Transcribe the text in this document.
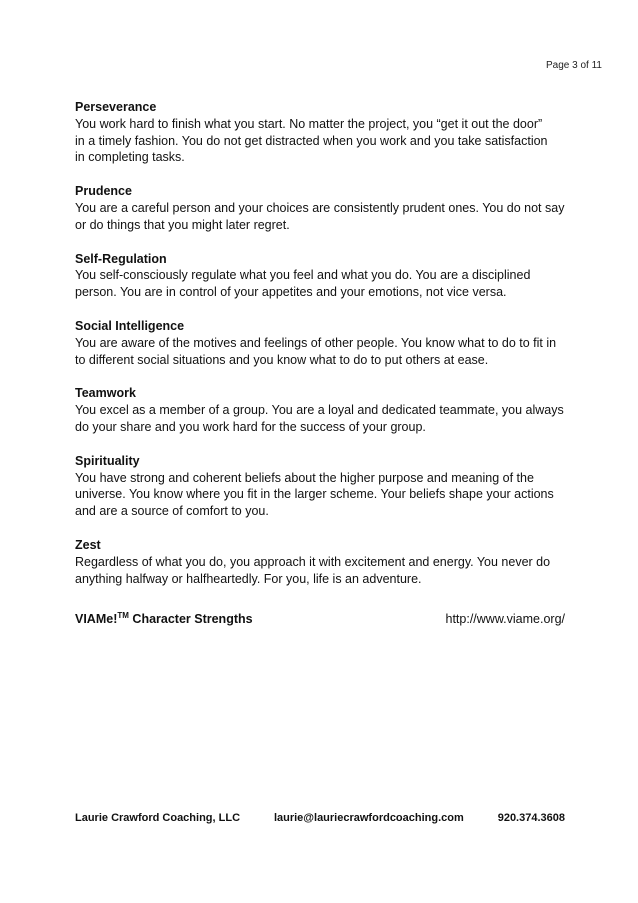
Page 3 of 11

Perseverance

You work hard to finish what you start. No matter the project, you “get it out the door”

in a timely fashion. You do not get distracted when you work and you take satisfaction

in completing tasks.

Prudence

You are a careful person and your choices are consistently prudent ones. You do not say

or do things that you might later regret.

Self-Regulation

You self-consciously regulate what you feel and what you do. You are a disciplined

person. You are in control of your appetites and your emotions, not vice versa.

Social Intelligence

You are aware of the motives and feelings of other people. You know what to do to fit in

to different social situations and you know what to do to put others at ease.

Teamwork

You excel as a member of a group. You are a loyal and dedicated teammate, you always

do your share and you work hard for the success of your group.

Spirituality

You have strong and coherent beliefs about the higher purpose and meaning of the

universe. You know where you fit in the larger scheme. Your beliefs shape your actions

and are a source of comfort to you.

Zest

Regardless of what you do, you approach it with excitement and energy. You never do

anything halfway or halfheartedly. For you, life is an adventure.

VIAMe!™ Character Strengths	http://www.viame.org/
Laurie Crawford Coaching, LLC	laurie@lauriecrawfordcoaching.com	920.374.3608
